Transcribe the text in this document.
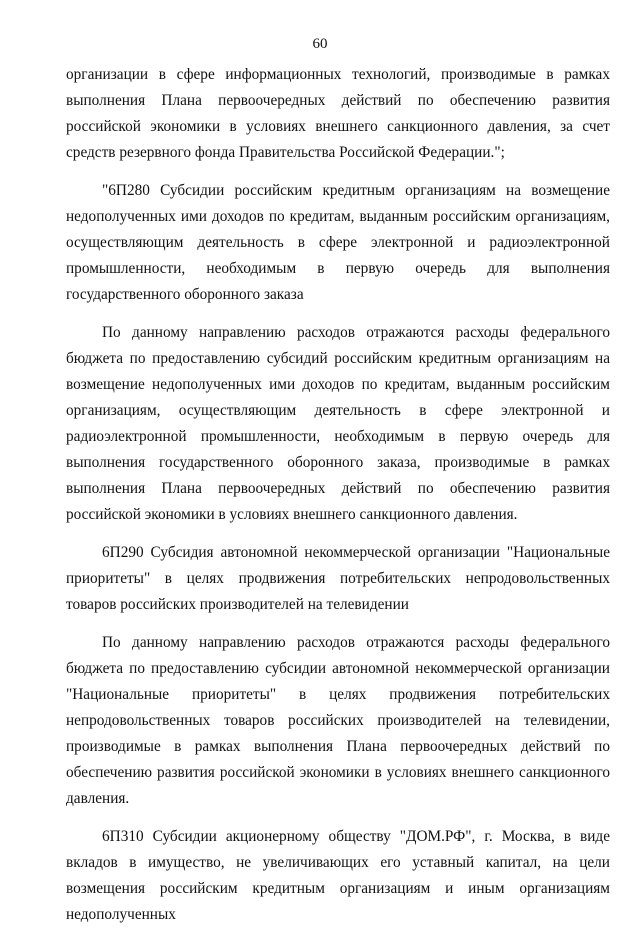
60

организации в сфере информационных технологий, производимые в рамках выполнения Плана первоочередных действий по обеспечению развития российской экономики в условиях внешнего санкционного давления, за счет средств резервного фонда Правительства Российской Федерации.";

"6П280 Субсидии российским кредитным организациям на возмещение недополученных ими доходов по кредитам, выданным российским организациям, осуществляющим деятельность в сфере электронной и радиоэлектронной промышленности, необходимым в первую очередь для выполнения государственного оборонного заказа

По данному направлению расходов отражаются расходы федерального бюджета по предоставлению субсидий российским кредитным организациям на возмещение недополученных ими доходов по кредитам, выданным российским организациям, осуществляющим деятельность в сфере электронной и радиоэлектронной промышленности, необходимым в первую очередь для выполнения государственного оборонного заказа, производимые в рамках выполнения Плана первоочередных действий по обеспечению развития российской экономики в условиях внешнего санкционного давления.

6П290 Субсидия автономной некоммерческой организации "Национальные приоритеты" в целях продвижения потребительских непродовольственных товаров российских производителей на телевидении

По данному направлению расходов отражаются расходы федерального бюджета по предоставлению субсидии автономной некоммерческой организации "Национальные приоритеты" в целях продвижения потребительских непродовольственных товаров российских производителей на телевидении, производимые в рамках выполнения Плана первоочередных действий по обеспечению развития российской экономики в условиях внешнего санкционного давления.

6П310 Субсидии акционерному обществу "ДОМ.РФ", г. Москва, в виде вкладов в имущество, не увеличивающих его уставный капитал, на цели возмещения российским кредитным организациям и иным организациям недополученных
